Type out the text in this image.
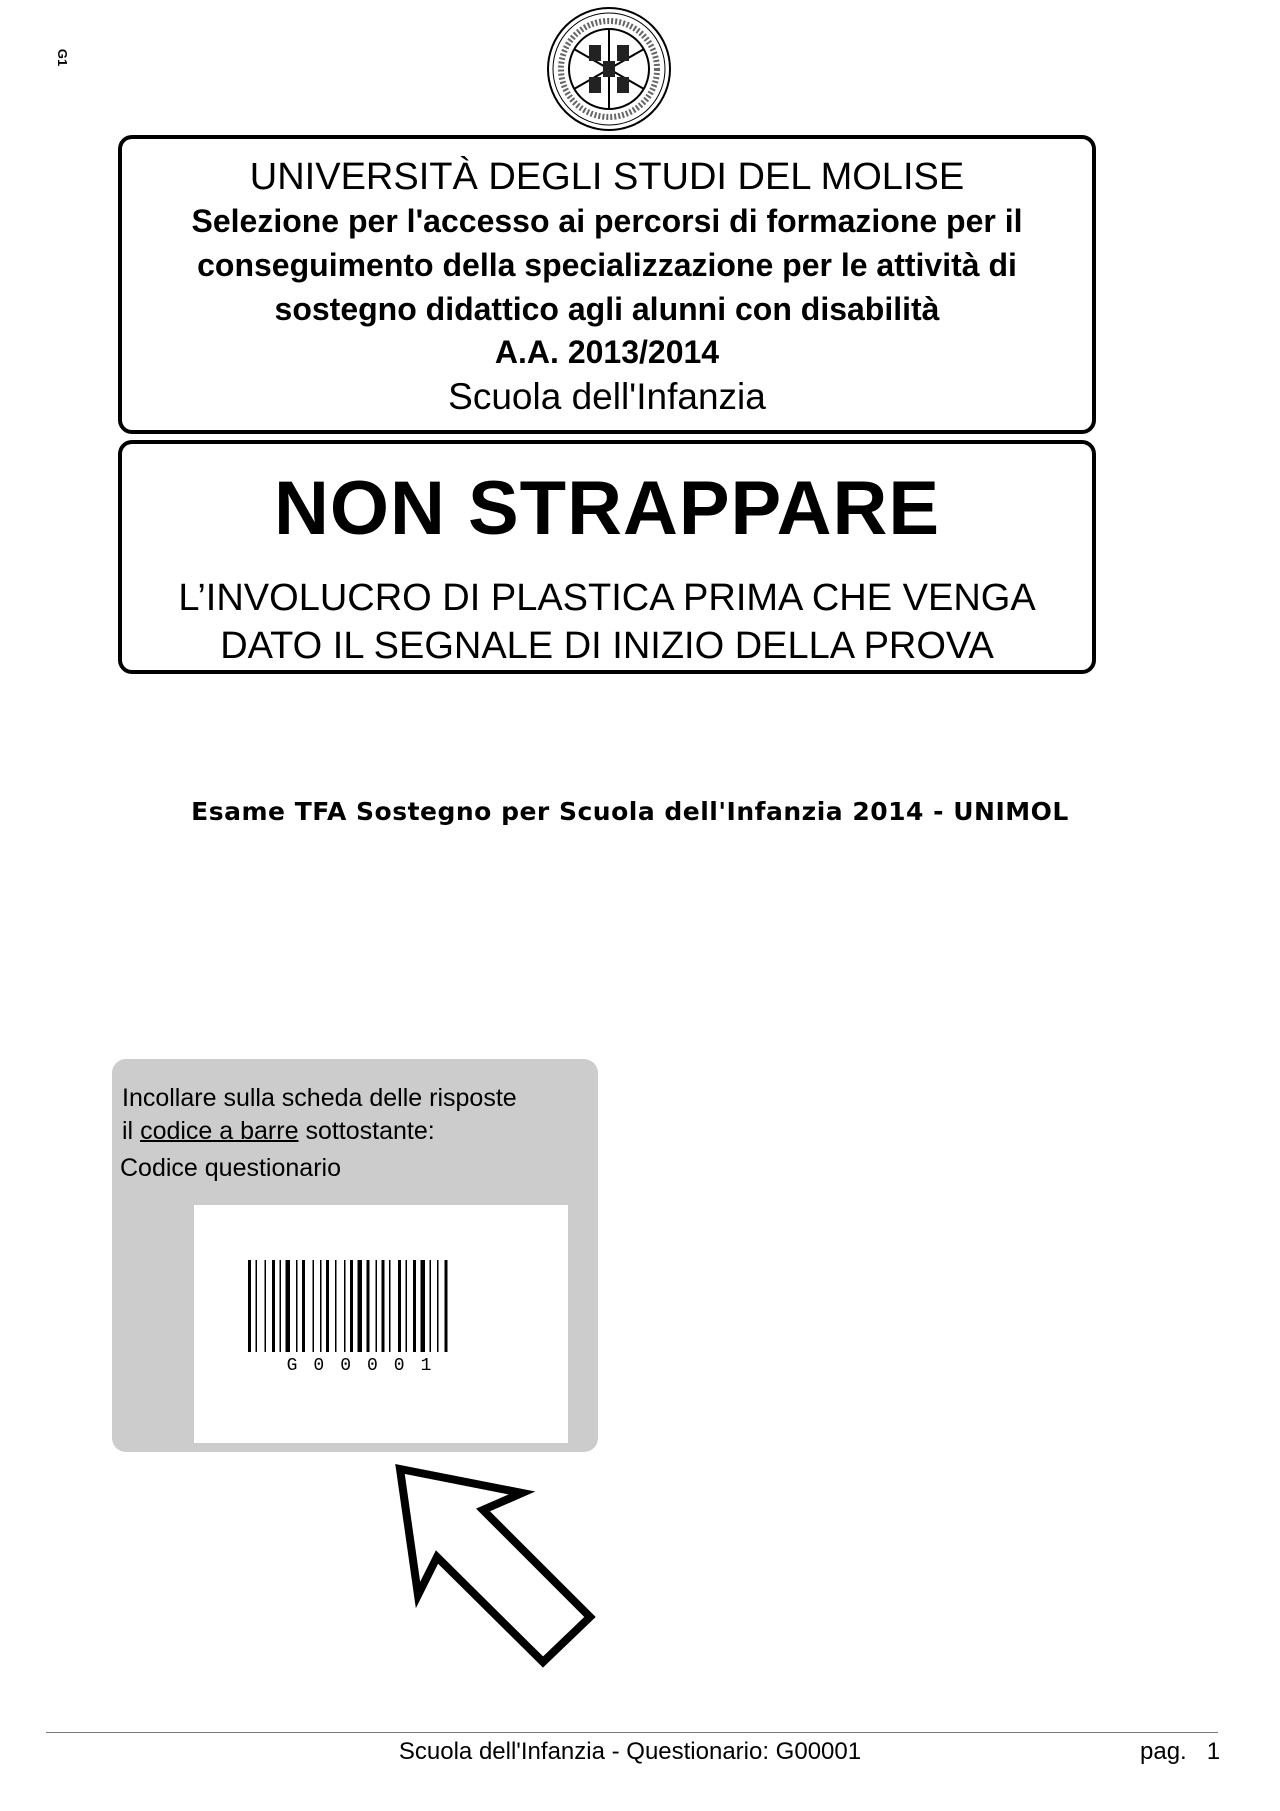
G1
UNIVERSITÀ DEGLI STUDI DEL MOLISE
Selezione per l'accesso ai percorsi di formazione per il
conseguimento della specializzazione per le attività di
sostegno didattico agli alunni con disabilità
A.A. 2013/2014
Scuola dell'Infanzia
NON STRAPPARE
L’INVOLUCRO DI PLASTICA PRIMA CHE VENGA
DATO IL SEGNALE DI INIZIO DELLA PROVA
Esame TFA Sostegno per Scuola dell'Infanzia 2014 - UNIMOL
Incollare sulla scheda delle risposte
il codice a barre sottostante:
Codice questionario
G00001
Scuola dell'Infanzia - Questionario: G00001	pag.   1
